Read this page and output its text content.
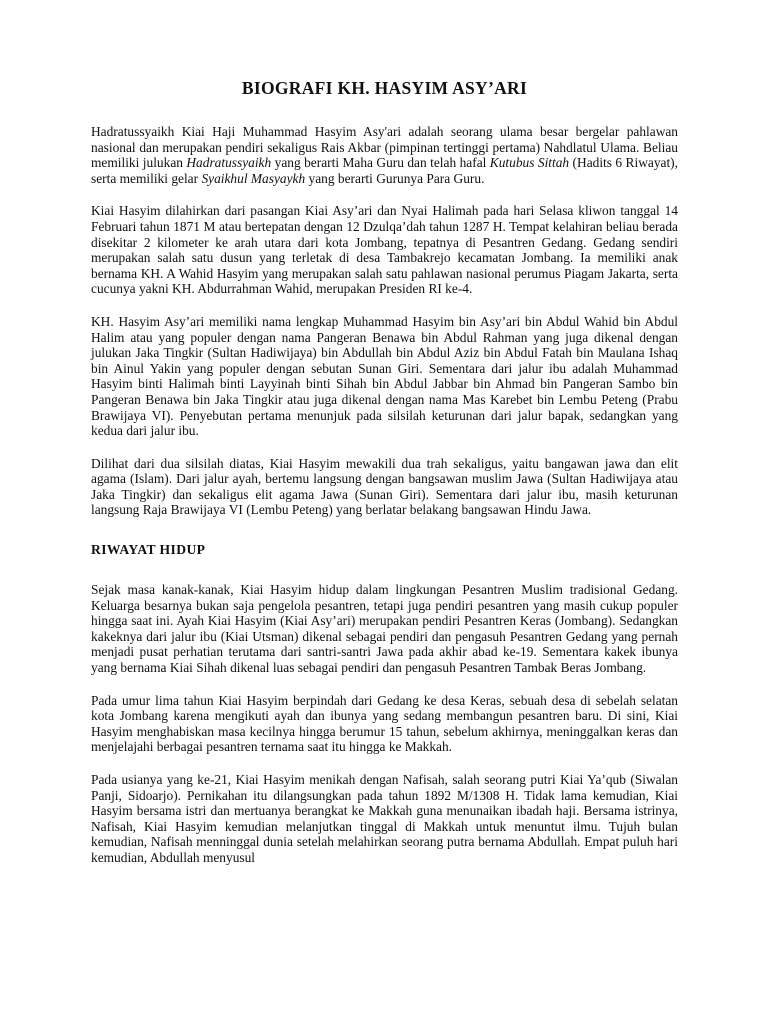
BIOGRAFI KH. HASYIM ASY’ARI

Hadratussyaikh Kiai Haji Muhammad Hasyim Asy'ari adalah seorang ulama besar bergelar pahlawan nasional dan merupakan pendiri sekaligus Rais Akbar (pimpinan tertinggi pertama) Nahdlatul Ulama. Beliau memiliki julukan Hadratussyaikh yang berarti Maha Guru dan telah hafal Kutubus Sittah (Hadits 6 Riwayat), serta memiliki gelar Syaikhul Masyaykh yang berarti Gurunya Para Guru.

Kiai Hasyim dilahirkan dari pasangan Kiai Asy’ari dan Nyai Halimah pada hari Selasa kliwon tanggal 14 Februari tahun 1871 M atau bertepatan dengan 12 Dzulqa’dah tahun 1287 H. Tempat kelahiran beliau berada disekitar 2 kilometer ke arah utara dari kota Jombang, tepatnya di Pesantren Gedang. Gedang sendiri merupakan salah satu dusun yang terletak di desa Tambakrejo kecamatan Jombang. Ia memiliki anak bernama KH. A Wahid Hasyim yang merupakan salah satu pahlawan nasional perumus Piagam Jakarta, serta cucunya yakni KH. Abdurrahman Wahid, merupakan Presiden RI ke-4.

KH. Hasyim Asy’ari memiliki nama lengkap Muhammad Hasyim bin Asy’ari bin Abdul Wahid bin Abdul Halim atau yang populer dengan nama Pangeran Benawa bin Abdul Rahman yang juga dikenal dengan julukan Jaka Tingkir (Sultan Hadiwijaya) bin Abdullah bin Abdul Aziz bin Abdul Fatah bin Maulana Ishaq bin Ainul Yakin yang populer dengan sebutan Sunan Giri. Sementara dari jalur ibu adalah Muhammad Hasyim binti Halimah binti Layyinah binti Sihah bin Abdul Jabbar bin Ahmad bin Pangeran Sambo bin Pangeran Benawa bin Jaka Tingkir atau juga dikenal dengan nama Mas Karebet bin Lembu Peteng (Prabu Brawijaya VI). Penyebutan pertama menunjuk pada silsilah keturunan dari jalur bapak, sedangkan yang kedua dari jalur ibu.

Dilihat dari dua silsilah diatas, Kiai Hasyim mewakili dua trah sekaligus, yaitu bangawan jawa dan elit agama (Islam). Dari jalur ayah, bertemu langsung dengan bangsawan muslim Jawa (Sultan Hadiwijaya atau Jaka Tingkir) dan sekaligus elit agama Jawa (Sunan Giri). Sementara dari jalur ibu, masih keturunan langsung Raja Brawijaya VI (Lembu Peteng) yang berlatar belakang bangsawan Hindu Jawa.

RIWAYAT HIDUP

Sejak masa kanak-kanak, Kiai Hasyim hidup dalam lingkungan Pesantren Muslim tradisional Gedang. Keluarga besarnya bukan saja pengelola pesantren, tetapi juga pendiri pesantren yang masih cukup populer hingga saat ini. Ayah Kiai Hasyim (Kiai Asy’ari) merupakan pendiri Pesantren Keras (Jombang). Sedangkan kakeknya dari jalur ibu (Kiai Utsman) dikenal sebagai pendiri dan pengasuh Pesantren Gedang yang pernah menjadi pusat perhatian terutama dari santri-santri Jawa pada akhir abad ke-19. Sementara kakek ibunya yang bernama Kiai Sihah dikenal luas sebagai pendiri dan pengasuh Pesantren Tambak Beras Jombang.

Pada umur lima tahun Kiai Hasyim berpindah dari Gedang ke desa Keras, sebuah desa di sebelah selatan kota Jombang karena mengikuti ayah dan ibunya yang sedang membangun pesantren baru. Di sini, Kiai Hasyim menghabiskan masa kecilnya hingga berumur 15 tahun, sebelum akhirnya, meninggalkan keras dan menjelajahi berbagai pesantren ternama saat itu hingga ke Makkah.

Pada usianya yang ke-21, Kiai Hasyim menikah dengan Nafisah, salah seorang putri Kiai Ya’qub (Siwalan Panji, Sidoarjo). Pernikahan itu dilangsungkan pada tahun 1892 M/1308 H. Tidak lama kemudian, Kiai Hasyim bersama istri dan mertuanya berangkat ke Makkah guna menunaikan ibadah haji. Bersama istrinya, Nafisah, Kiai Hasyim kemudian melanjutkan tinggal di Makkah untuk menuntut ilmu. Tujuh bulan kemudian, Nafisah menninggal dunia setelah melahirkan seorang putra bernama Abdullah. Empat puluh hari kemudian, Abdullah menyusul
